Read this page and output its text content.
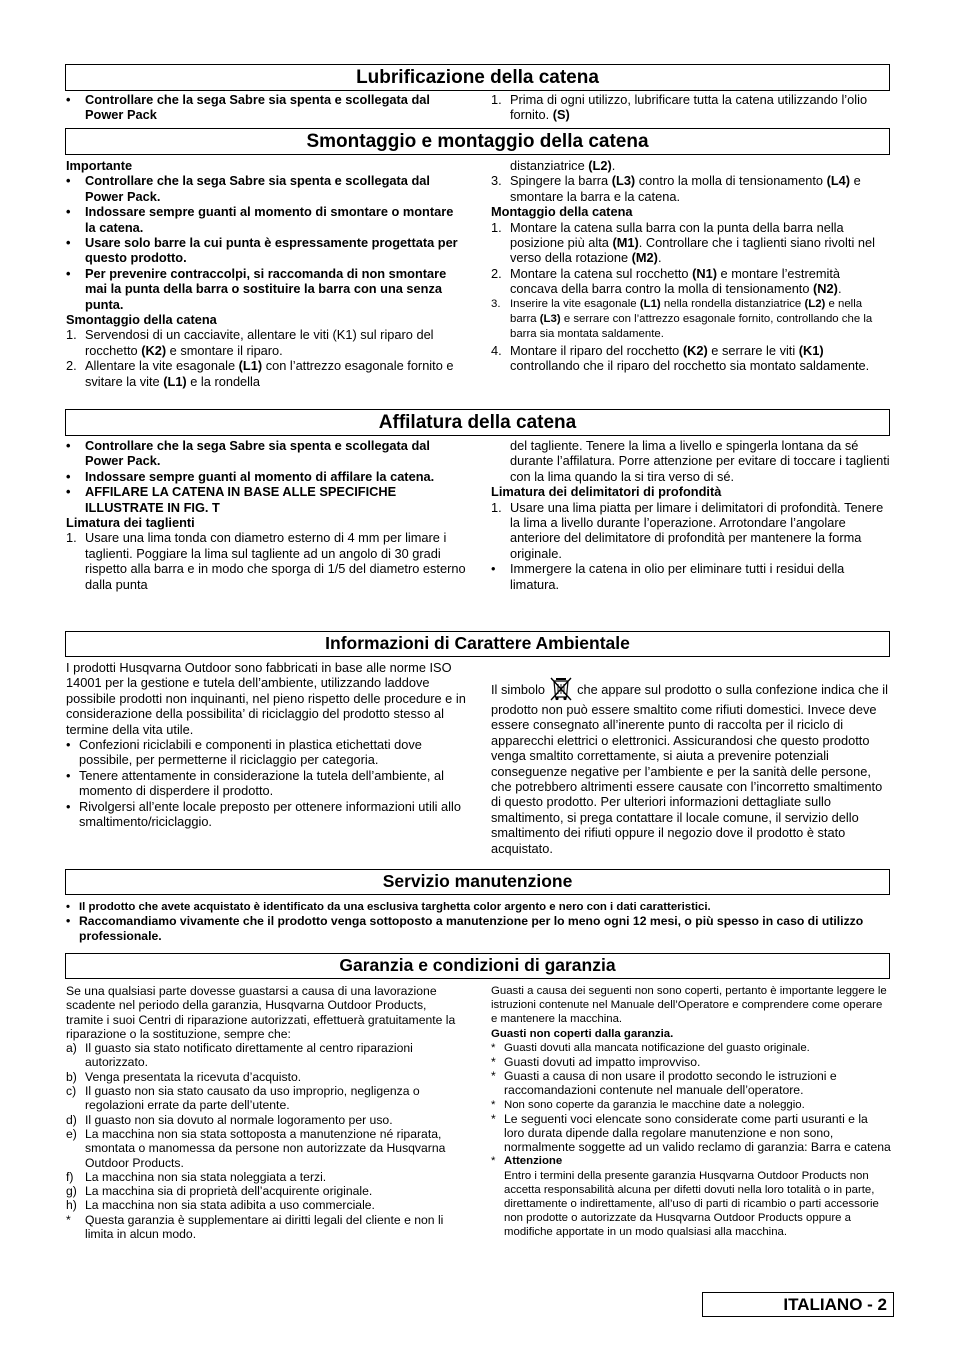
Lubrificazione della catena
• Controllare che la sega Sabre sia spenta e scollegata dal Power Pack
1. Prima di ogni utilizzo, lubrificare tutta la catena utilizzando l’olio fornito. (S)
Smontaggio e montaggio della catena
Importante
• Controllare che la sega Sabre sia spenta e scollegata dal Power Pack.
• Indossare sempre guanti al momento di smontare o montare la catena.
• Usare solo barre la cui punta è espressamente progettata per questo prodotto.
• Per prevenire contraccolpi, si raccomanda di non smontare mai la punta della barra o sostituire la barra con una senza punta.
Smontaggio della catena
1. Servendosi di un cacciavite, allentare le viti (K1) sul riparo del rocchetto (K2) e smontare il riparo.
2. Allentare la vite esagonale (L1) con l’attrezzo esagonale fornito e svitare la vite (L1) e la rondella
distanziatrice (L2).
3. Spingere la barra (L3) contro la molla di tensionamento (L4) e smontare la barra e la catena.
Montaggio della catena
1. Montare la catena sulla barra con la punta della barra nella posizione più alta (M1). Controllare che i taglienti siano rivolti nel verso della rotazione (M2).
2. Montare la catena sul rocchetto (N1) e montare l’estremità concava della barra contro la molla di tensionamento (N2).
3. Inserire la vite esagonale (L1) nella rondella distanziatrice (L2) e nella barra (L3) e serrare con l’attrezzo esagonale fornito, controllando che la barra sia montata saldamente.
4. Montare il riparo del rocchetto (K2) e serrare le viti (K1) controllando che il riparo del rocchetto sia montato saldamente.
Affilatura della catena
• Controllare che la sega Sabre sia spenta e scollegata dal Power Pack.
• Indossare sempre guanti al momento di affilare la catena.
• AFFILARE LA CATENA IN BASE ALLE SPECIFICHE ILLUSTRATE IN FIG. T
Limatura dei taglienti
1. Usare una lima tonda con diametro esterno di 4 mm per limare i taglienti. Poggiare la lima sul tagliente ad un angolo di 30 gradi rispetto alla barra e in modo che sporga di 1/5 del diametro esterno dalla punta
del tagliente. Tenere la lima a livello e spingerla lontana da sé durante l’affilatura. Porre attenzione per evitare di toccare i taglienti con la lima quando la si tira verso di sé.
Limatura dei delimitatori di profondità
1. Usare una lima piatta per limare i delimitatori di profondità. Tenere la lima a livello durante l’operazione. Arrotondare l’angolare anteriore del delimitatore di profondità per mantenere la forma originale.
• Immergere la catena in olio per eliminare tutti i residui della limatura.
Informazioni di Carattere Ambientale

I prodotti Husqvarna Outdoor sono fabbricati in base alle norme ISO 14001 per la gestione e tutela dell’ambiente, utilizzando laddove possibile prodotti non inquinanti, nel pieno rispetto delle procedure e in considerazione della possibilita’ di riciclaggio del prodotto stesso al termine della vita utile.

• Confezioni riciclabili e componenti in plastica etichettati dove possibile, per permetterne il riciclaggio per categoria.
• Tenere attentamente in considerazione la tutela dell’ambiente, al momento di disperdere il prodotto.
• Rivolgersi all’ente locale preposto per ottenere informazioni utili allo smaltimento/riciclaggio.

Il simbolo	che appare sul prodotto o sulla confezione indica che il prodotto non può essere smaltito come rifiuti domestici. Invece deve essere consegnato all’inerente punto di raccolta per il riciclo di apparecchi elettrici o elettronici. Assicurandosi che questo prodotto venga smaltito correttamente, si aiuta a prevenire potenziali conseguenze negative per l’ambiente e per la sanità delle persone, che potrebbero altrimenti essere causate con l’incorretto smaltimento di questo prodotto. Per ulteriori informazioni dettagliate sullo smaltimento, si prega contattare il locale comune, il servizio dello smaltimento dei rifiuti oppure il negozio dove il prodotto è stato acquistato.

Servizio manutenzione
• Il prodotto che avete acquistato è identificato da una esclusiva targhetta color argento e nero con i dati caratteristici.
• Raccomandiamo vivamente che il prodotto venga sottoposto a manutenzione per lo meno ogni 12 mesi, o più spesso in caso di utilizzo professionale.
Garanzia e condizioni di garanzia

Se una qualsiasi parte dovesse guastarsi a causa di una lavorazione scadente nel periodo della garanzia, Husqvarna Outdoor Products, tramite i suoi Centri di riparazione autorizzati, effettuerà gratuitamente la riparazione o la sostituzione, sempre che:

a) Il guasto sia stato notificato direttamente al centro riparazioni autorizzato.
b) Venga presentata la ricevuta d’acquisto.
c) Il guasto non sia stato causato da uso improprio, negligenza o regolazioni errate da parte dell’utente.
d) Il guasto non sia dovuto al normale logoramento per uso.
e) La macchina non sia stata sottoposta a manutenzione né riparata, smontata o manomessa da persone non autorizzate da Husqvarna Outdoor Products.
f) La macchina non sia stata noleggiata a terzi.
g) La macchina sia di proprietà dell’acquirente originale.
h) La macchina non sia stata adibita a uso commerciale.
* Questa garanzia è supplementare ai diritti legali del cliente e non li limita in alcun modo.

Guasti a causa dei seguenti non sono coperti, pertanto è importante leggere le istruzioni contenute nel Manuale dell’Operatore e comprendere come operare e mantenere la macchina.

Guasti non coperti dalla garanzia.
* Guasti dovuti alla mancata notificazione del guasto originale.
* Guasti dovuti ad impatto improvviso.
* Guasti a causa di non usare il prodotto secondo le istruzioni e raccomandazioni contenute nel manuale dell’operatore.
* Non sono coperte da garanzia le macchine date a noleggio.
* Le seguenti voci elencate sono considerate come parti usuranti e la loro durata dipende dalla regolare manutenzione e non sono, normalmente soggette ad un valido reclamo di garanzia: Barra e catena
* Attenzione
Entro i termini della presente garanzia Husqvarna Outdoor Products non accetta responsabilità alcuna per difetti dovuti nella loro totalità o in parte, direttamente o indirettamente, all’uso di parti di ricambio o parti accessorie non prodotte o autorizzate da Husqvarna Outdoor Products oppure a modifiche apportate in un modo qualsiasi alla macchina.
ITALIANO - 2
